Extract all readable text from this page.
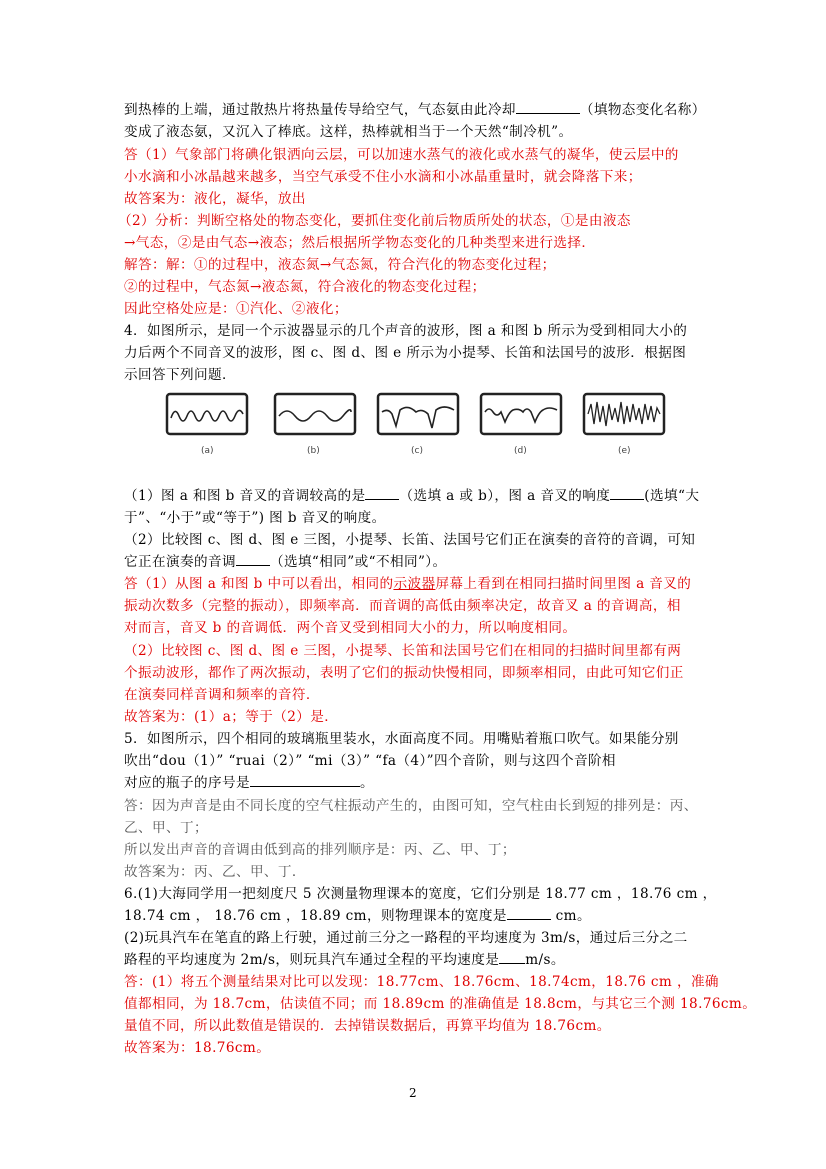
到热棒的上端，通过散热片将热量传导给空气，气态氨由此冷却	（填物态变化名称）
变成了液态氨，又沉入了棒底。这样，热棒就相当于一个天然“制冷机”。
答（1）气象部门将碘化银洒向云层，可以加速水蒸气的液化或水蒸气的凝华，使云层中的
小水滴和小冰晶越来越多，当空气承受不住小水滴和小冰晶重量时，就会降落下来；
故答案为：液化，凝华，放出
（2）分析：判断空格处的物态变化，要抓住变化前后物质所处的状态，①是由液态
→气态，②是由气态→液态；然后根据所学物态变化的几种类型来进行选择．
解答：解：①的过程中，液态氮→气态氮，符合汽化的物态变化过程；
②的过程中，气态氮→液态氮，符合液化的物态变化过程；
因此空格处应是：①汽化、②液化；
4．如图所示，是同一个示波器显示的几个声音的波形，图 a 和图 b 所示为受到相同大小的
力后两个不同音叉的波形，图 c、图 d、图 e 所示为小提琴、长笛和法国号的波形．根据图
示回答下列问题．
(a)	(b)	(c)	(d)	(e)
（1）图 a 和图 b 音叉的音调较高的是	（选填 a 或 b），图 a 音叉的响度	(选填“大
于”、“小于”或“等于”) 图 b 音叉的响度。
（2）比较图 c、图 d、图 e 三图，小提琴、长笛、法国号它们正在演奏的音符的音调，可知
它正在演奏的音调	（选填“相同”或“不相同”）。
答（1）从图 a 和图 b 中可以看出，相同的示波器屏幕上看到在相同扫描时间里图 a 音叉的
振动次数多（完整的振动），即频率高．而音调的高低由频率决定，故音叉 a 的音调高，相
对而言，音叉 b 的音调低．两个音叉受到相同大小的力，所以响度相同。
（2）比较图 c、图 d、图 e 三图，小提琴、长笛和法国号它们在相同的扫描时间里都有两
个振动波形，都作了两次振动，表明了它们的振动快慢相同，即频率相同，由此可知它们正
在演奏同样音调和频率的音符．
故答案为：(1）a；等于（2）是．
5．如图所示，四个相同的玻璃瓶里装水，水面高度不同。用嘴贴着瓶口吹气。如果能分别
吹出“dou（1）” “ruai（2）” “mi（3）” “fa（4）”四个音阶，则与这四个音阶相
对应的瓶子的序号是	。
答：因为声音是由不同长度的空气柱振动产生的，由图可知，空气柱由长到短的排列是：丙、
乙、甲、丁；
所以发出声音的音调由低到高的排列顺序是：丙、乙、甲、丁；
故答案为：丙、乙、甲、丁．
6.(1)大海同学用一把刻度尺 5 次测量物理课本的宽度，它们分别是 18.77 cm ，18.76 cm ，
18.74 cm ， 18.76 cm ，18.89 cm，则物理课本的宽度是	cm。
(2)玩具汽车在笔直的路上行驶，通过前三分之一路程的平均速度为 3m/s，通过后三分之二
路程的平均速度为 2m/s，则玩具汽车通过全程的平均速度是 m/s。
答：(1）将五个测量结果对比可以发现：18.77cm、18.76cm、18.74cm，18.76 cm ，准确
值都相同，为 18.7cm，估读值不同；而 18.89cm 的准确值是 18.8cm，与其它三个测 18.76cm。
量值不同，所以此数值是错误的．去掉错误数据后，再算平均值为 18.76cm。
故答案为：18.76cm。
2
